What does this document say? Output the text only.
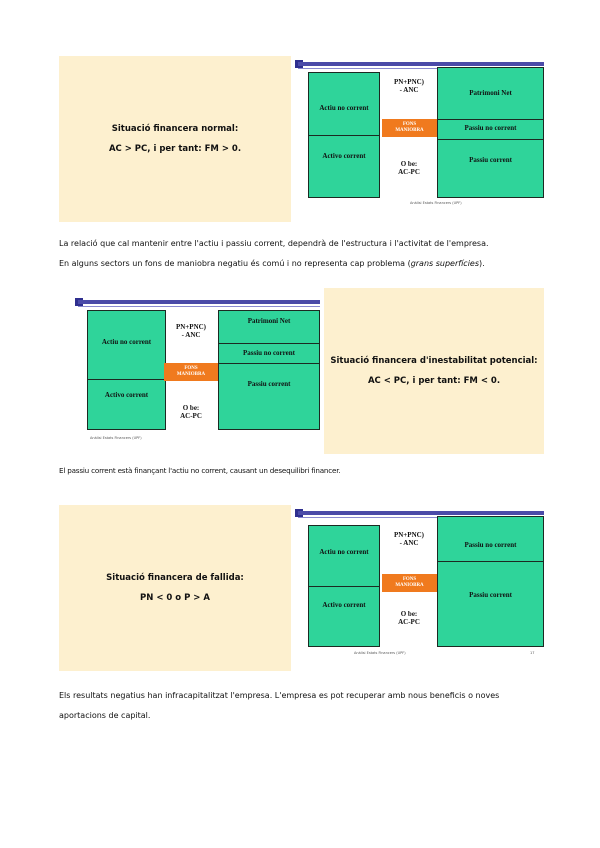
Situació financera normal:
AC > PC, i per tant: FM > 0.
Actiu no corrent
Activo corrent
PN+PNC)
- ANC
FONS
MANIOBRA
O be:
AC-PC
Patrimoni Net
Passiu no corrent
Passiu corrent
Análisi Estats Financers (UPF)
La relació que cal mantenir entre l'actiu i passiu corrent, dependrà de l'estructura i l'activitat de l'empresa.
En alguns sectors un fons de maniobra negatiu és comú i no representa cap problema (grans superfícies).
Actiu no corrent
Activo corrent
PN+PNC)
- ANC
FONS
MANIOBRA
O be:
AC-PC
Patrimoni Net
Passiu no corrent
Passiu corrent
Análisi Estats Financers (UPF)
Situació financera d'inestabilitat potencial:
AC < PC, i per tant: FM < 0.
El passiu corrent està finançant l'actiu no corrent, causant un desequilibri financer.
Situació financera de fallida:
PN < 0 o P > A
Actiu no corrent
Activo corrent
PN+PNC)
- ANC
FONS
MANIOBRA
O be:
AC-PC
Passiu no corrent
Passiu corrent
Análisi Estats Financers (UPF)	17
Els resultats negatius han infracapitalitzat l'empresa. L'empresa es pot recuperar amb nous beneficis o noves
aportacions de capital.
